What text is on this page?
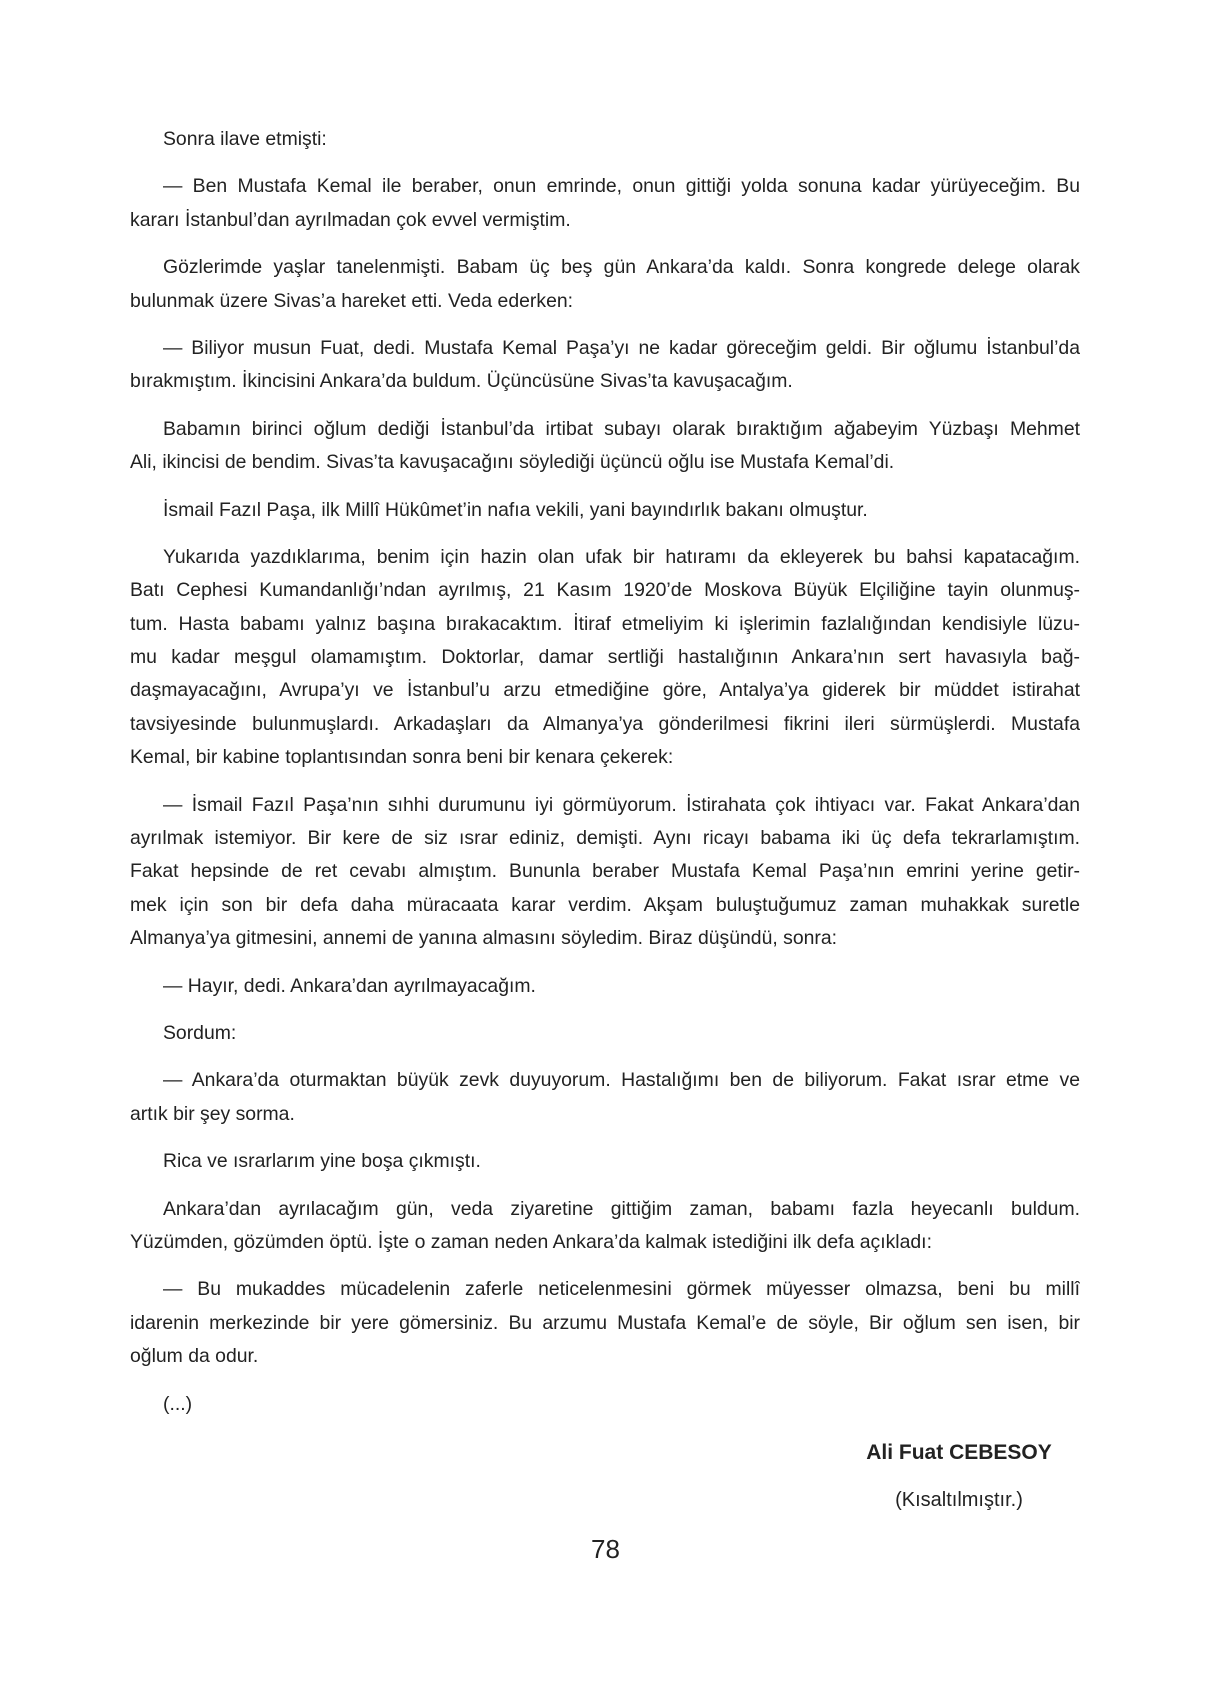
Sonra ilave etmişti:

— Ben Mustafa Kemal ile beraber, onun emrinde, onun gittiği yolda sonuna kadar yürüyeceğim. Bu
kararı İstanbul’dan ayrılmadan çok evvel vermiştim.

Gözlerimde yaşlar tanelenmişti. Babam üç beş gün Ankara’da kaldı. Sonra kongrede delege olarak
bulunmak üzere Sivas’a hareket etti. Veda ederken:

— Biliyor musun Fuat, dedi. Mustafa Kemal Paşa’yı ne kadar göreceğim geldi. Bir oğlumu İstanbul’da
bırakmıştım. İkincisini Ankara’da buldum. Üçüncüsüne Sivas’ta kavuşacağım.

Babamın birinci oğlum dediği İstanbul’da irtibat subayı olarak bıraktığım ağabeyim Yüzbaşı Mehmet
Ali, ikincisi de bendim. Sivas’ta kavuşacağını söylediği üçüncü oğlu ise Mustafa Kemal’di.

İsmail Fazıl Paşa, ilk Millî Hükûmet’in nafıa vekili, yani bayındırlık bakanı olmuştur.

Yukarıda yazdıklarıma, benim için hazin olan ufak bir hatıramı da ekleyerek bu bahsi kapatacağım.
Batı Cephesi Kumandanlığı’ndan ayrılmış, 21 Kasım 1920’de Moskova Büyük Elçiliğine tayin olunmuş-
tum. Hasta babamı yalnız başına bırakacaktım. İtiraf etmeliyim ki işlerimin fazlalığından kendisiyle lüzu-
mu kadar meşgul olamamıştım. Doktorlar, damar sertliği hastalığının Ankara’nın sert havasıyla bağ-
daşmayacağını, Avrupa’yı ve İstanbul’u arzu etmediğine göre, Antalya’ya giderek bir müddet istirahat
tavsiyesinde bulunmuşlardı. Arkadaşları da Almanya’ya gönderilmesi fikrini ileri sürmüşlerdi. Mustafa
Kemal, bir kabine toplantısından sonra beni bir kenara çekerek:

— İsmail Fazıl Paşa’nın sıhhi durumunu iyi görmüyorum. İstirahata çok ihtiyacı var. Fakat Ankara’dan
ayrılmak istemiyor. Bir kere de siz ısrar ediniz, demişti. Aynı ricayı babama iki üç defa tekrarlamıştım.
Fakat hepsinde de ret cevabı almıştım. Bununla beraber Mustafa Kemal Paşa’nın emrini yerine getir-
mek için son bir defa daha müracaata karar verdim. Akşam buluştuğumuz zaman muhakkak suretle
Almanya’ya gitmesini, annemi de yanına almasını söyledim. Biraz düşündü, sonra:

— Hayır, dedi. Ankara’dan ayrılmayacağım.

Sordum:

— Ankara’da oturmaktan büyük zevk duyuyorum. Hastalığımı ben de biliyorum. Fakat ısrar etme ve
artık bir şey sorma.

Rica ve ısrarlarım yine boşa çıkmıştı.

Ankara’dan ayrılacağım gün, veda ziyaretine gittiğim zaman, babamı fazla heyecanlı buldum.
Yüzümden, gözümden öptü. İşte o zaman neden Ankara’da kalmak istediğini ilk defa açıkladı:

— Bu mukaddes mücadelenin zaferle neticelenmesini görmek müyesser olmazsa, beni bu millî
idarenin merkezinde bir yere gömersiniz. Bu arzumu Mustafa Kemal’e de söyle, Bir oğlum sen isen, bir
oğlum da odur.

(...)

Ali Fuat CEBESOY

(Kısaltılmıştır.)

78
